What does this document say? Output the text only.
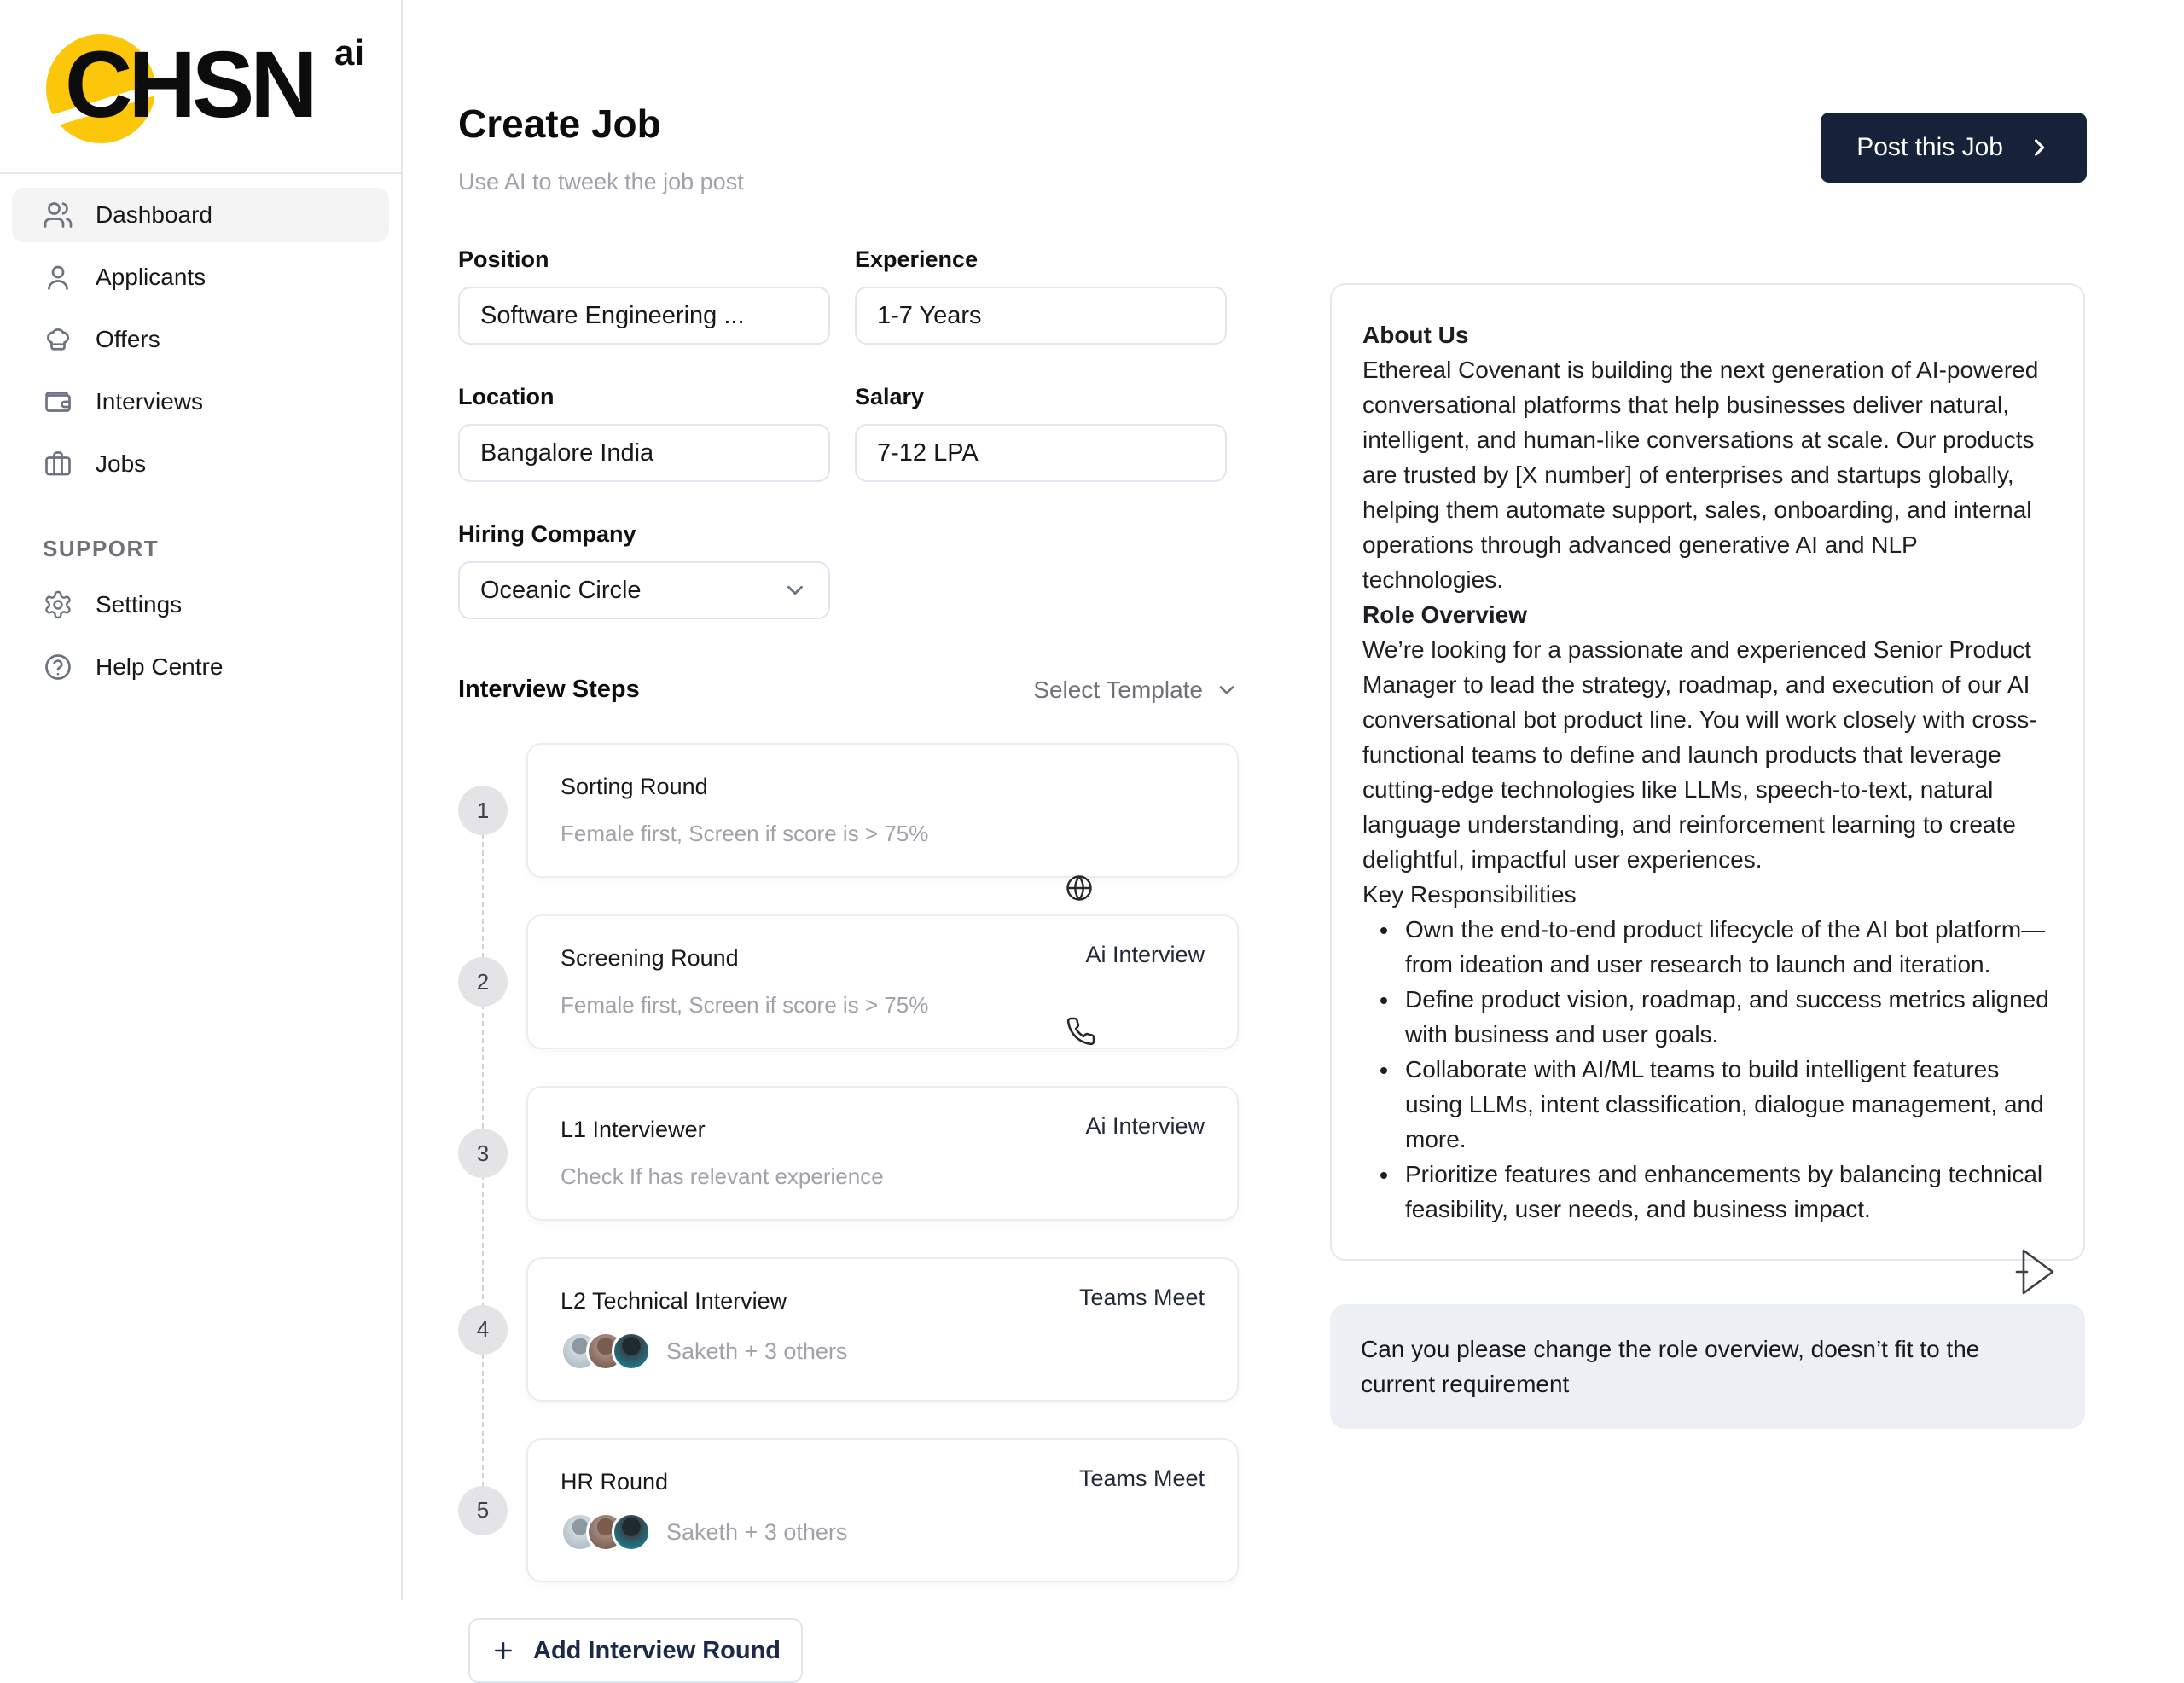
CHSN ai
Dashboard
Applicants
Offers
Interviews
Jobs
SUPPORT
Settings
Help Centre
Create Job

Use AI to tweek the job post

Post this Job
Position
Software Engineering ...	Experience
1-7 Years
Location
Bangalore India	Salary
7-12 LPA
Hiring Company
Oceanic Circle
Interview Steps	Select Template
1
Sorting Round
Female first, Screen if score is > 75%
2
Ai Interview
Screening Round
Female first, Screen if score is > 75%
3
Ai Interview
L1 Interviewer
Check If has relevant experience
4
Teams Meet
L2 Technical Interview
Saketh + 3 others
5
Teams Meet
HR Round
Saketh + 3 others
Add Interview Round

About Us

Ethereal Covenant is building the next generation of AI-powered conversational platforms that help businesses deliver natural, intelligent, and human-like conversations at scale. Our products are trusted by [X number] of enterprises and startups globally, helping them automate support, sales, onboarding, and internal operations through advanced generative AI and NLP technologies.

Role Overview

We’re looking for a passionate and experienced Senior Product Manager to lead the strategy, roadmap, and execution of our AI conversational bot product line. You will work closely with cross-functional teams to define and launch products that leverage cutting-edge technologies like LLMs, speech-to-text, natural language understanding, and reinforcement learning to create delightful, impactful user experiences.

Key Responsibilities

• Own the end-to-end product lifecycle of the AI bot platform—from ideation and user research to launch and iteration.
• Define product vision, roadmap, and success metrics aligned with business and user goals.
• Collaborate with AI/ML teams to build intelligent features using LLMs, intent classification, dialogue management, and more.
• Prioritize features and enhancements by balancing technical feasibility, user needs, and business impact.
Can you please change the role overview, doesn’t fit to the current requirement
